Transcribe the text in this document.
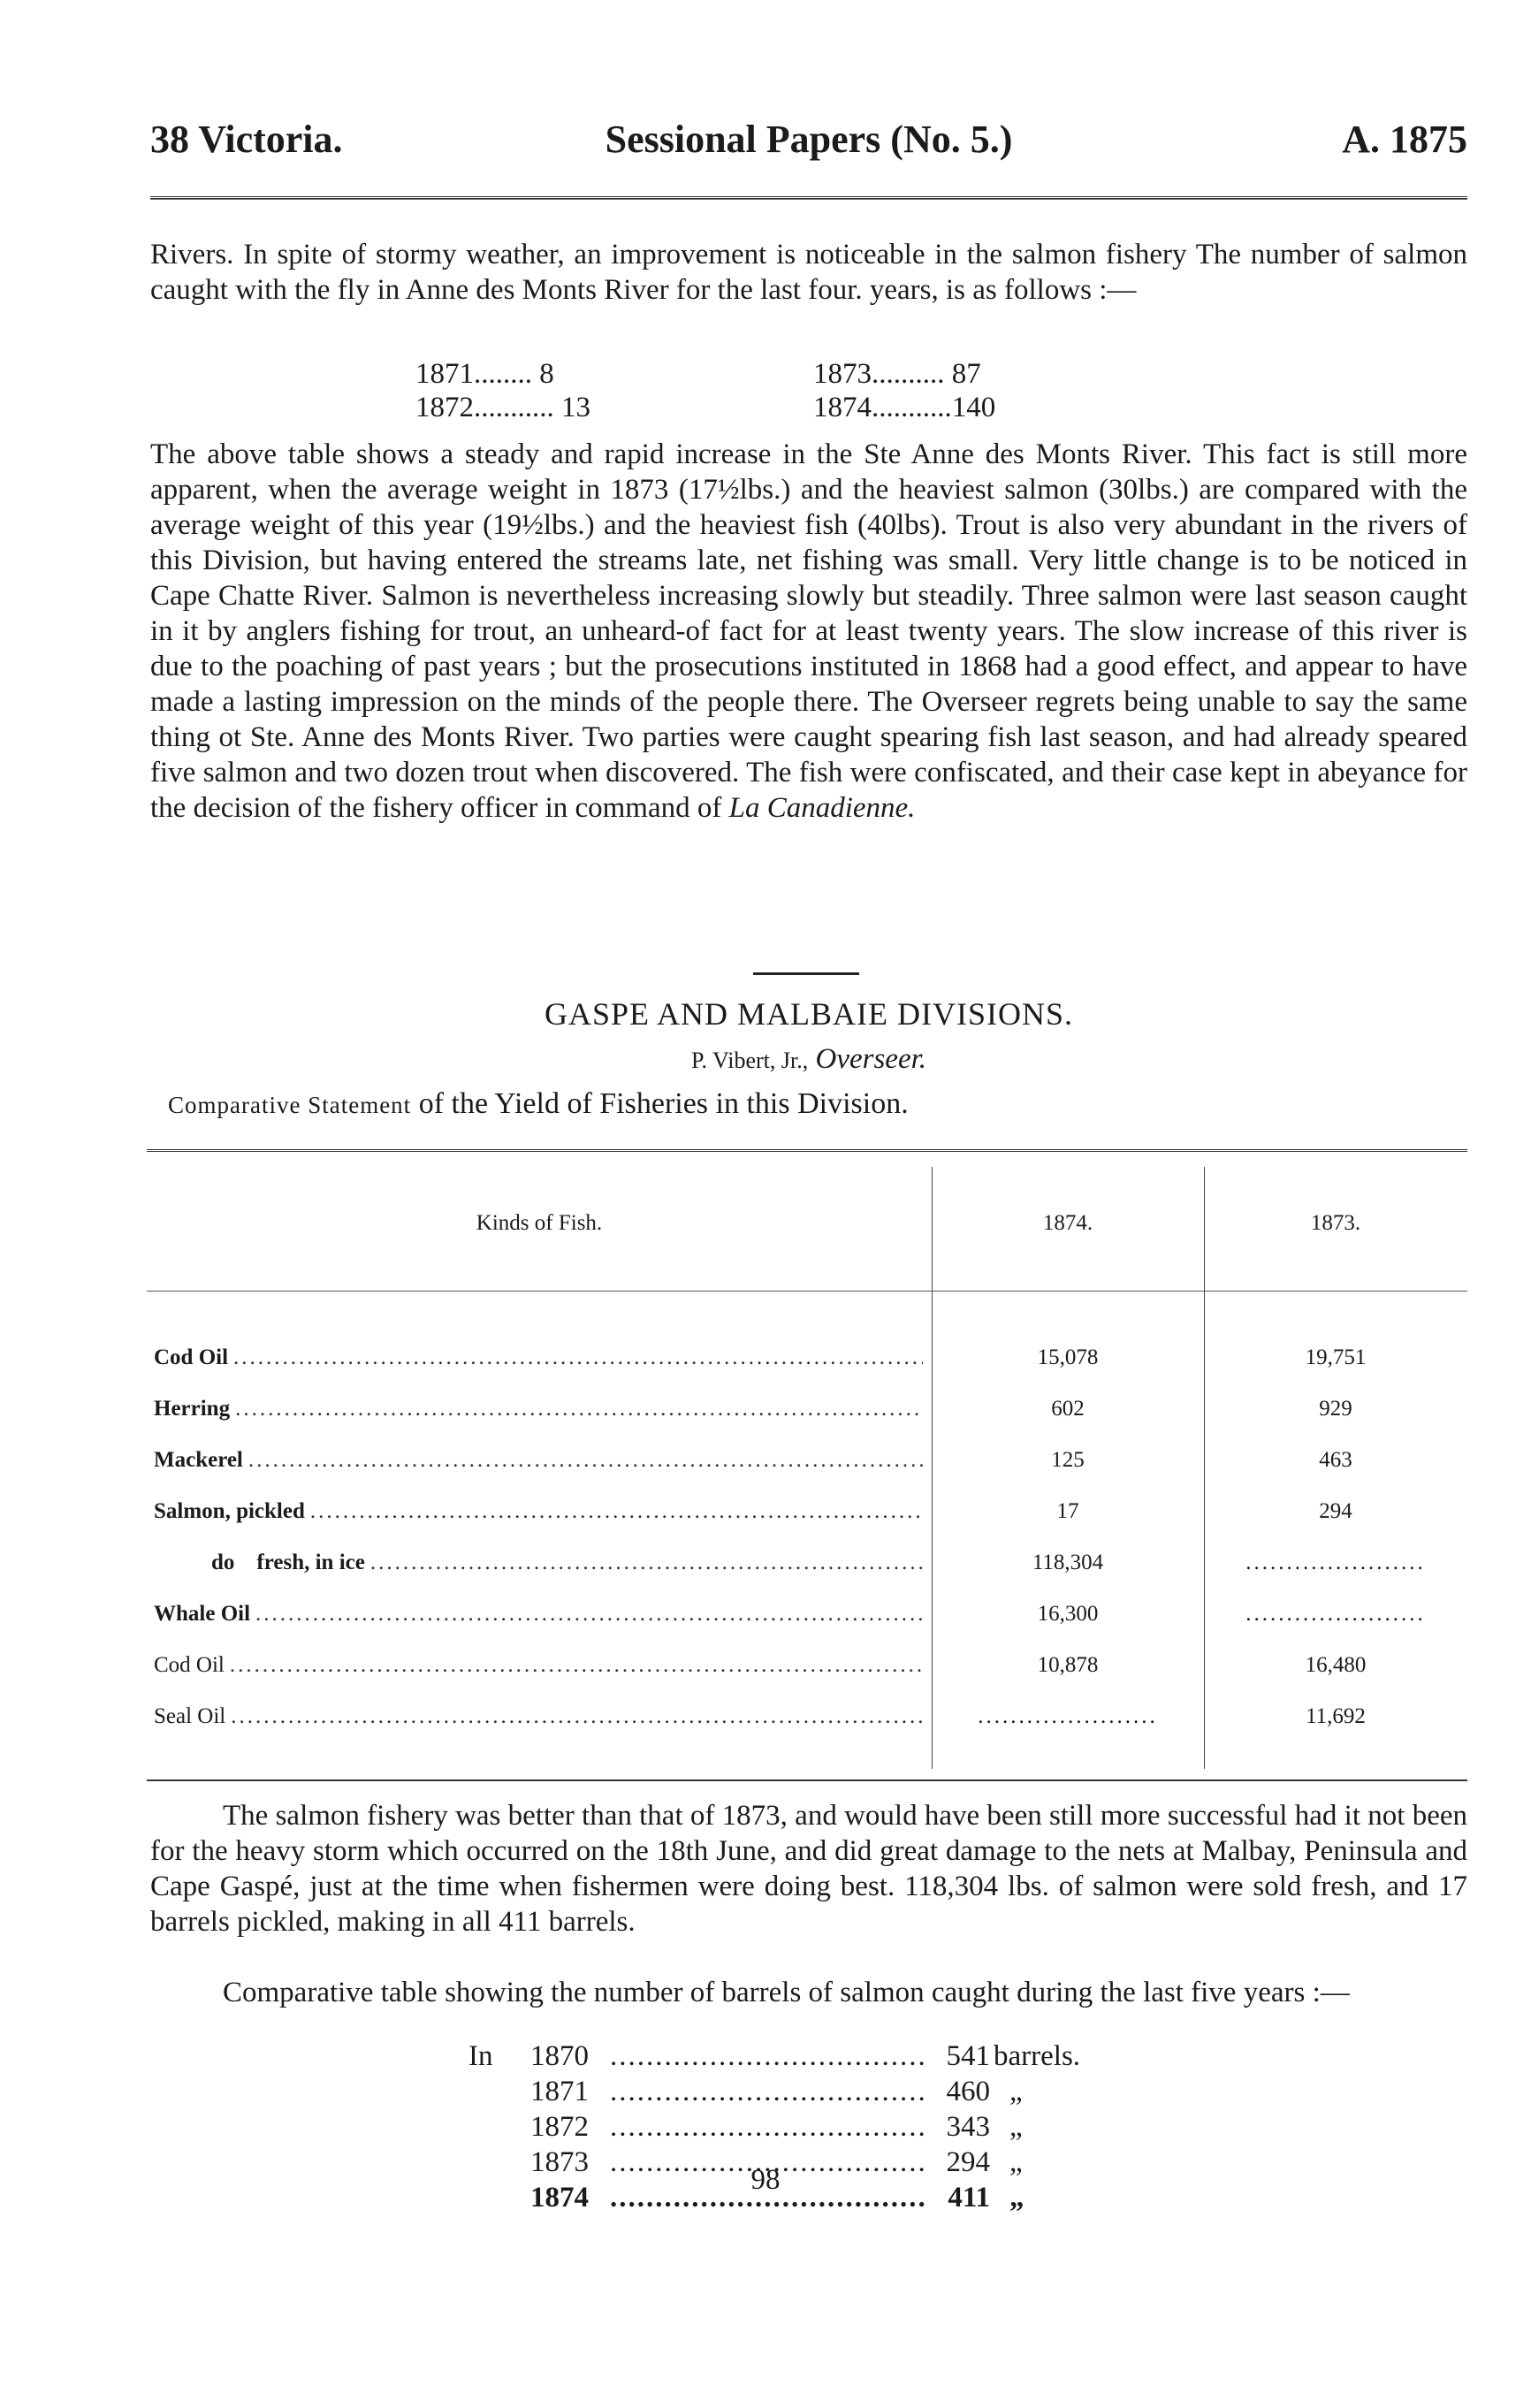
38 Victoria.	Sessional Papers (No. 5.)	A. 1875

Rivers. In spite of stormy weather, an improvement is noticeable in the salmon fishery The number of salmon caught with the fly in Anne des Monts River for the last four. years, is as follows :—

1871........ 8	1873.......... 87
1872........... 13	1874...........140

The above table shows a steady and rapid increase in the Ste Anne des Monts River. This fact is still more apparent, when the average weight in 1873 (17½lbs.) and the heaviest salmon (30lbs.) are compared with the average weight of this year (19½lbs.) and the heaviest fish (40lbs). Trout is also very abundant in the rivers of this Division, but having entered the streams late, net fishing was small. Very little change is to be noticed in Cape Chatte River. Salmon is nevertheless increasing slowly but steadily. Three salmon were last season caught in it by anglers fishing for trout, an unheard-of fact for at least twenty years. The slow increase of this river is due to the poaching of past years ; but the prosecutions instituted in 1868 had a good effect, and appear to have made a lasting impression on the minds of the people there. The Overseer regrets being unable to say the same thing ot Ste. Anne des Monts River. Two parties were caught spearing fish last season, and had already speared five salmon and two dozen trout when discovered. The fish were confiscated, and their case kept in abeyance for the decision of the fishery officer in command of La Canadienne.

GASPE AND MALBAIE DIVISIONS.

P. Vibert, Jr., Overseer.

Comparative Statement of the Yield of Fisheries in this Division.

Kinds of Fish.	1874.	1873.
Cod Oil .....	15,078	19,751
Herring .....	602	929
Mackerel .....	125	463
Salmon, pickled .....	17	294
do    fresh, in ice .....	118,304	......................
Whale Oil .....	16,300	......................
Cod Oil .....	10,878	16,480
Seal Oil .....	......................	11,692

The salmon fishery was better than that of 1873, and would have been still more successful had it not been for the heavy storm which occurred on the 18th June, and did great damage to the nets at Malbay, Peninsula and Cape Gaspé, just at the time when fishermen were doing best. 118,304 lbs. of salmon were sold fresh, and 17 barrels pickled, making in all 411 barrels.

Comparative table showing the number of barrels of salmon caught during the last five years :—

In	1870 .....	541 barrels.
1871 .....	460 „
1872 .....	343 „
1873 .....	294 „
1874 .....	411 „
98
